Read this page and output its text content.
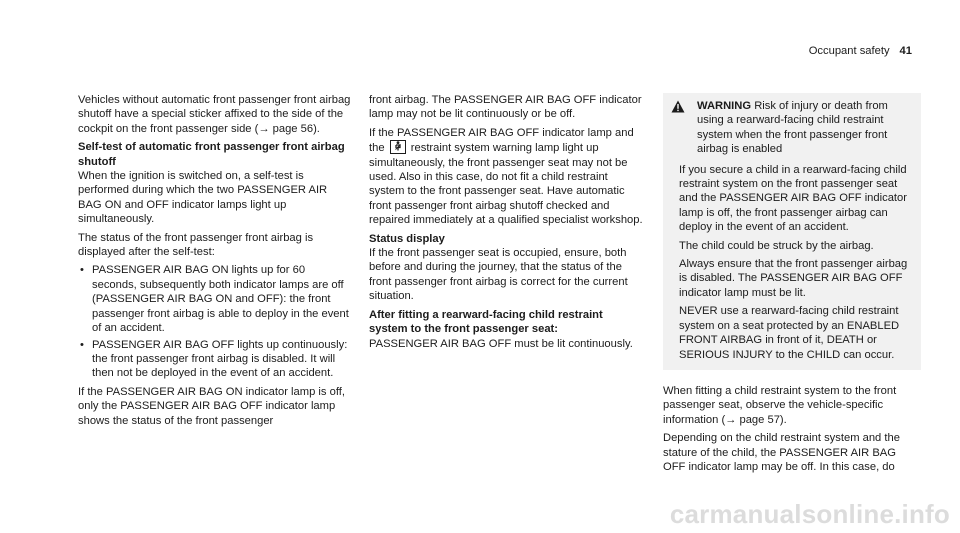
Occupant safety 41

Vehicles without automatic front passenger front airbag shutoff have a special sticker affixed to the side of the cockpit on the front passenger side (→ page 56).

Self-test of automatic front passenger front airbag shutoff

When the ignition is switched on, a self-test is performed during which the two PASSENGER AIR BAG ON and OFF indicator lamps light up simultaneously.

The status of the front passenger front airbag is displayed after the self-test:

• PASSENGER AIR BAG ON lights up for 60 seconds, subsequently both indicator lamps are off (PASSENGER AIR BAG ON and OFF): the front passenger front airbag is able to deploy in the event of an accident.
• PASSENGER AIR BAG OFF lights up continuously: the front passenger front airbag is disabled. It will then not be deployed in the event of an accident.

If the PASSENGER AIR BAG ON indicator lamp is off, only the PASSENGER AIR BAG OFF indicator lamp shows the status of the front passenger

front airbag. The PASSENGER AIR BAG OFF indicator lamp may not be lit continuously or be off.

If the PASSENGER AIR BAG OFF indicator lamp and the restraint system warning lamp light up simultaneously, the front passenger seat may not be used. Also in this case, do not fit a child restraint system to the front passenger seat. Have automatic front passenger front airbag shutoff checked and repaired immediately at a qualified specialist workshop.

Status display

If the front passenger seat is occupied, ensure, both before and during the journey, that the status of the front passenger front airbag is correct for the current situation.

After fitting a rearward-facing child restraint system to the front passenger seat:

PASSENGER AIR BAG OFF must be lit continuously.

WARNING Risk of injury or death from using a rearward-facing child restraint system when the front passenger front airbag is enabled

If you secure a child in a rearward-facing child restraint system on the front passenger seat and the PASSENGER AIR BAG OFF indicator lamp is off, the front passenger airbag can deploy in the event of an accident.

The child could be struck by the airbag.

Always ensure that the front passenger airbag is disabled. The PASSENGER AIR BAG OFF indicator lamp must be lit.

NEVER use a rearward-facing child restraint system on a seat protected by an ENABLED FRONT AIRBAG in front of it, DEATH or SERIOUS INJURY to the CHILD can occur.

When fitting a child restraint system to the front passenger seat, observe the vehicle-specific information (→ page 57).

Depending on the child restraint system and the stature of the child, the PASSENGER AIR BAG OFF indicator lamp may be off. In this case, do

carmanualsonline.info
